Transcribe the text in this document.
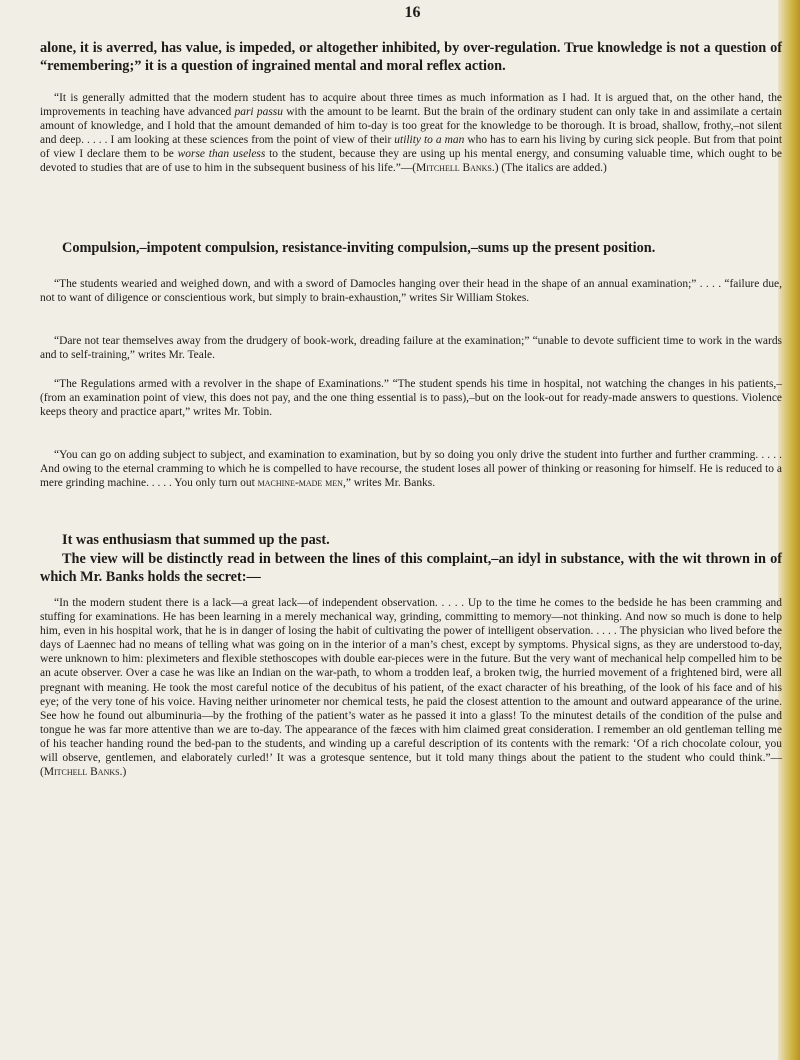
16

alone, it is averred, has value, is impeded, or altogether inhibited, by over-regulation. True knowledge is not a question of “remembering;” it is a question of ingrained mental and moral reflex action.

“It is generally admitted that the modern student has to acquire about three times as much information as I had. It is argued that, on the other hand, the improvements in teaching have advanced pari passu with the amount to be learnt. But the brain of the ordinary student can only take in and assimilate a certain amount of knowledge, and I hold that the amount demanded of him to-day is too great for the knowledge to be thorough. It is broad, shallow, frothy,–not silent and deep. . . . . I am looking at these sciences from the point of view of their utility to a man who has to earn his living by curing sick people. But from that point of view I declare them to be worse than useless to the student, because they are using up his mental energy, and consuming valuable time, which ought to be devoted to studies that are of use to him in the subsequent business of his life.”—(Mitchell Banks.) (The italics are added.)

Compulsion,–impotent compulsion, resistance-inviting compulsion,–sums up the present position.

“The students wearied and weighed down, and with a sword of Damocles hanging over their head in the shape of an annual examination;” . . . . “failure due, not to want of diligence or conscientious work, but simply to brain-exhaustion,” writes Sir William Stokes.

“Dare not tear themselves away from the drudgery of book-work, dreading failure at the examination;” “unable to devote sufficient time to work in the wards and to self-training,” writes Mr. Teale.

“The Regulations armed with a revolver in the shape of Examinations.” “The student spends his time in hospital, not watching the changes in his patients,–(from an examination point of view, this does not pay, and the one thing essential is to pass),–but on the look-out for ready-made answers to questions. Violence keeps theory and practice apart,” writes Mr. Tobin.

“You can go on adding subject to subject, and examination to examination, but by so doing you only drive the student into further and further cramming. . . . . And owing to the eternal cramming to which he is compelled to have recourse, the student loses all power of thinking or reasoning for himself. He is reduced to a mere grinding machine. . . . . You only turn out machine-made men,” writes Mr. Banks.

It was enthusiasm that summed up the past.

The view will be distinctly read in between the lines of this complaint,–an idyl in substance, with the wit thrown in of which Mr. Banks holds the secret:—

“In the modern student there is a lack—a great lack—of independent observation. . . . . Up to the time he comes to the bedside he has been cramming and stuffing for examinations. He has been learning in a merely mechanical way, grinding, committing to memory—not thinking. And now so much is done to help him, even in his hospital work, that he is in danger of losing the habit of cultivating the power of intelligent observation. . . . . The physician who lived before the days of Laennec had no means of telling what was going on in the interior of a man’s chest, except by symptoms. Physical signs, as they are understood to-day, were unknown to him: pleximeters and flexible stethoscopes with double ear-pieces were in the future. But the very want of mechanical help compelled him to be an acute observer. Over a case he was like an Indian on the war-path, to whom a trodden leaf, a broken twig, the hurried movement of a frightened bird, were all pregnant with meaning. He took the most careful notice of the decubitus of his patient, of the exact character of his breathing, of the look of his face and of his eye; of the very tone of his voice. Having neither urinometer nor chemical tests, he paid the closest attention to the amount and outward appearance of the urine. See how he found out albuminuria—by the frothing of the patient’s water as he passed it into a glass! To the minutest details of the condition of the pulse and tongue he was far more attentive than we are to-day. The appearance of the fæces with him claimed great consideration. I remember an old gentleman telling me of his teacher handing round the bed-pan to the students, and winding up a careful description of its contents with the remark: ‘Of a rich chocolate colour, you will observe, gentlemen, and elaborately curled!’ It was a grotesque sentence, but it told many things about the patient to the student who could think.”—(Mitchell Banks.)
